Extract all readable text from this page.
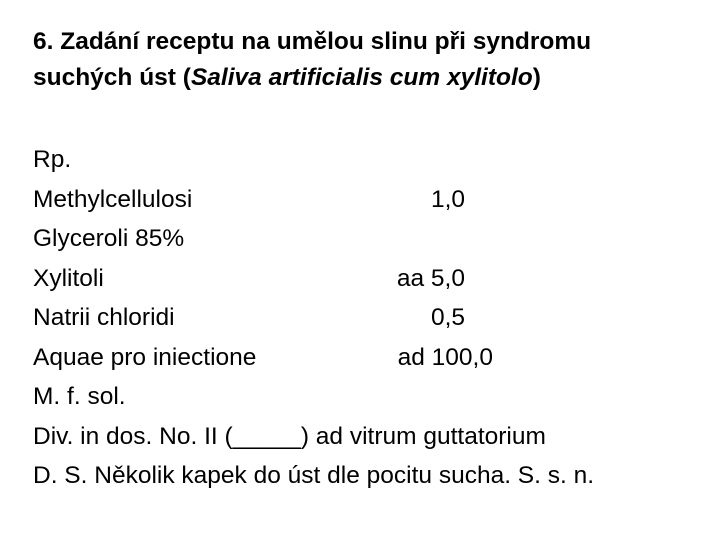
6. Zadání receptu na umělou slinu při syndromu
suchých úst (Saliva artificialis cum xylitolo)
Rp.
Methylcellulosi	1,0
Glyceroli 85%
Xylitoli	aa 5,0
Natrii chloridi	0,5
Aquae pro iniectione	ad 100,0
M. f. sol.
Div. in dos. No. II (_____) ad vitrum guttatorium
D. S. Několik kapek do úst dle pocitu sucha. S. s. n.
